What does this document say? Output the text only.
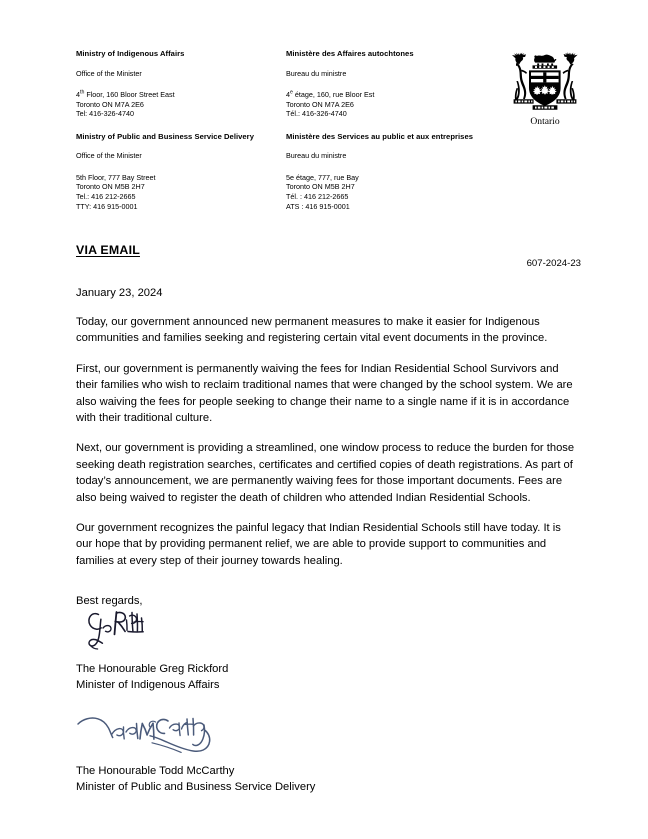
Ministry of Indigenous Affairs	Ministère des Affaires autochtones
Office of the Minister	Bureau du ministre
4th Floor, 160 Bloor Street East
Toronto ON M7A 2E6
Tel: 416-326-4740
4e étage, 160, rue Bloor Est
Toronto ON M7A 2E6
Tél.: 416-326-4740
Ministry of Public and Business Service Delivery	Ministère des Services au public et aux entreprises
Office of the Minister	Bureau du ministre
5th Floor, 777 Bay Street
Toronto ON M5B 2H7
Tel.: 416 212-2665
TTY: 416 915-0001
5e étage, 777, rue Bay
Toronto ON M5B 2H7
Tél. : 416 212-2665
ATS : 416 915-0001
Ontario
VIA EMAIL
607-2024-23
January 23, 2024

Today, our government announced new permanent measures to make it easier for Indigenous communities and families seeking and registering certain vital event documents in the province.

First, our government is permanently waiving the fees for Indian Residential School Survivors and their families who wish to reclaim traditional names that were changed by the school system. We are also waiving the fees for people seeking to change their name to a single name if it is in accordance with their traditional culture.

Next, our government is providing a streamlined, one window process to reduce the burden for those seeking death registration searches, certificates and certified copies of death registrations. As part of today’s announcement, we are permanently waiving fees for those important documents. Fees are also being waived to register the death of children who attended Indian Residential Schools.

Our government recognizes the painful legacy that Indian Residential Schools still have today. It is our hope that by providing permanent relief, we are able to provide support to communities and families at every step of their journey towards healing.

Best regards,
The Honourable Greg Rickford
Minister of Indigenous Affairs
The Honourable Todd McCarthy
Minister of Public and Business Service Delivery
